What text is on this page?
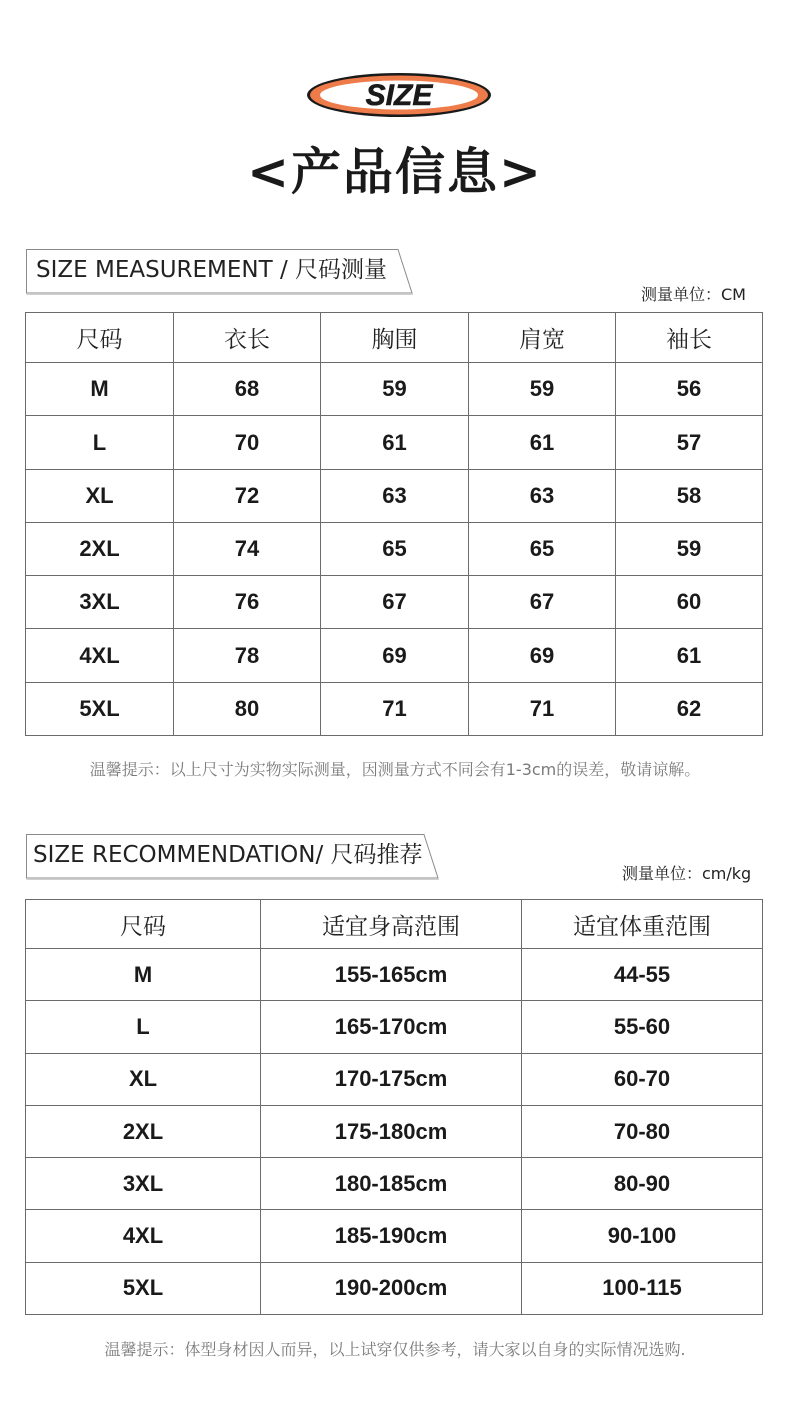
SIZE
<产品信息>
SIZE MEASUREMENT / 尺码测量
测量单位：CM
尺码	衣长	胸围	肩宽	袖长
M	68	59	59	56
L	70	61	61	57
XL	72	63	63	58
2XL	74	65	65	59
3XL	76	67	67	60
4XL	78	69	69	61
5XL	80	71	71	62
温馨提示：以上尺寸为实物实际测量，因测量方式不同会有1-3cm的误差，敬请谅解。
SIZE RECOMMENDATION/ 尺码推荐
测量单位：cm/kg
尺码	适宜身高范围	适宜体重范围
M	155-165cm	44-55
L	165-170cm	55-60
XL	170-175cm	60-70
2XL	175-180cm	70-80
3XL	180-185cm	80-90
4XL	185-190cm	90-100
5XL	190-200cm	100-115
温馨提示：体型身材因人而异，以上试穿仅供参考，请大家以自身的实际情况选购.
